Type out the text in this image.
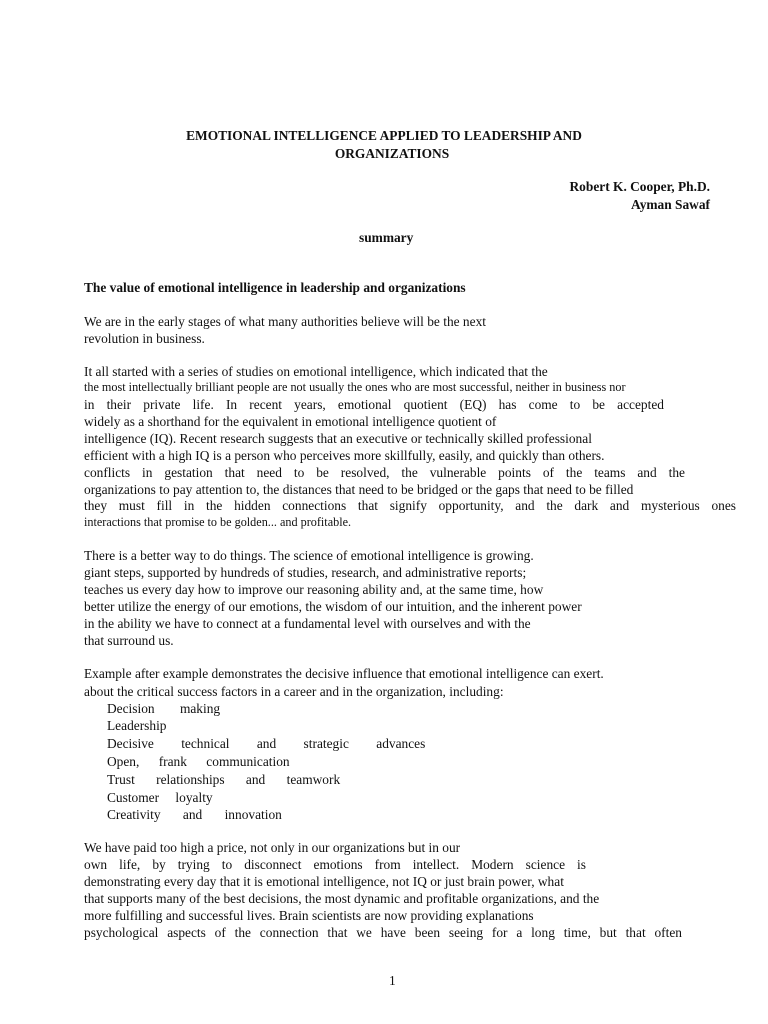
EMOTIONAL INTELLIGENCE APPLIED TO LEADERSHIP AND
ORGANIZATIONS
Robert K. Cooper, Ph.D.
Ayman Sawaf
summary
The value of emotional intelligence in leadership and organizations
We are in the early stages of what many authorities believe will be the next
revolution in business.
It all started with a series of studies on emotional intelligence, which indicated that the
the most intellectually brilliant people are not usually the ones who are most successful, neither in business nor
in their private life. In recent years, emotional quotient (EQ) has come to be accepted
widely as a shorthand for the equivalent in emotional intelligence quotient of
intelligence (IQ). Recent research suggests that an executive or technically skilled professional
efficient with a high IQ is a person who perceives more skillfully, easily, and quickly than others.
conflicts in gestation that need to be resolved, the vulnerable points of the teams and the
organizations to pay attention to, the distances that need to be bridged or the gaps that need to be filled
they must fill in the hidden connections that signify opportunity, and the dark and mysterious ones
interactions that promise to be golden... and profitable.
There is a better way to do things. The science of emotional intelligence is growing.
giant steps, supported by hundreds of studies, research, and administrative reports;
teaches us every day how to improve our reasoning ability and, at the same time, how
better utilize the energy of our emotions, the wisdom of our intuition, and the inherent power
in the ability we have to connect at a fundamental level with ourselves and with the
that surround us.
Example after example demonstrates the decisive influence that emotional intelligence can exert.
about the critical success factors in a career and in the organization, including:
Decision making
Leadership
Decisive technical and strategic advances
Open, frank communication
Trust relationships and teamwork
Customer loyalty
Creativity and innovation
We have paid too high a price, not only in our organizations but in our
own life, by trying to disconnect emotions from intellect. Modern science is
demonstrating every day that it is emotional intelligence, not IQ or just brain power, what
that supports many of the best decisions, the most dynamic and profitable organizations, and the
more fulfilling and successful lives. Brain scientists are now providing explanations
psychological aspects of the connection that we have been seeing for a long time, but that often
1
